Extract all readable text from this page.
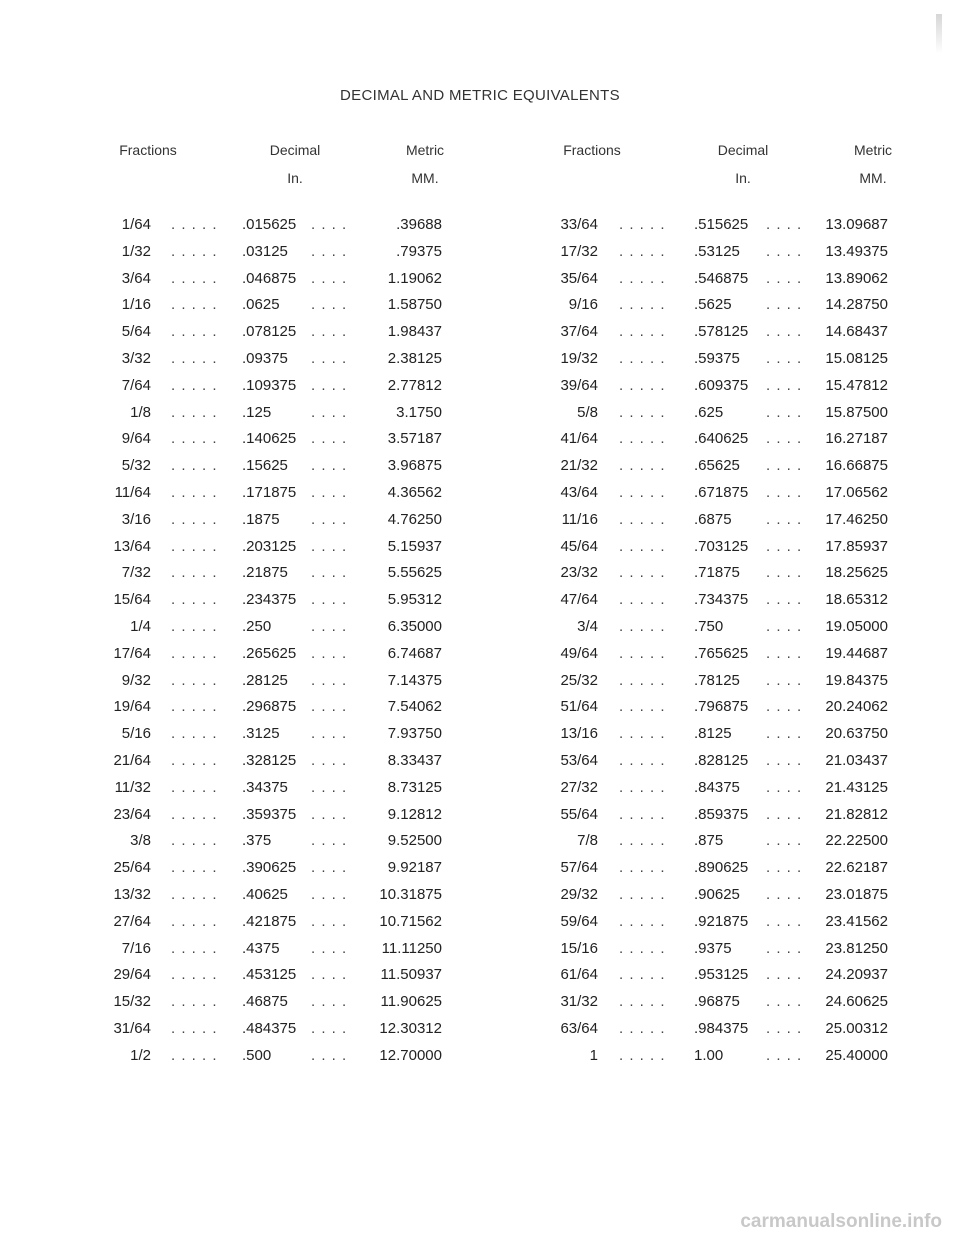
DECIMAL AND METRIC EQUIVALENTS
Fractions	Decimal
In.
Metric
MM.
Fractions	Decimal
In.
Metric
MM.
1/64 . . . . . .015625 . . . .	.39688
1/32 . . . . . .03125 . . . .	.79375
3/64 . . . . . .046875 . . . .	1.19062
1/16 . . . . . .0625 . . . .	1.58750
5/64 . . . . . .078125 . . . .	1.98437
3/32 . . . . . .09375 . . . .	2.38125
7/64 . . . . . .109375 . . . .	2.77812
1/8 . . . . . .125	. . . .	3.1750
9/64 . . . . . .140625 . . . .	3.57187
5/32 . . . . . .15625 . . . .	3.96875
11/64 . . . . . .171875 . . . .	4.36562
3/16 . . . . . .1875 . . . .	4.76250
13/64 . . . . . .203125 . . . .	5.15937
7/32 . . . . . .21875 . . . .	5.55625
15/64 . . . . . .234375 . . . .	5.95312
1/4 . . . . . .250	. . . .	6.35000
17/64 . . . . . .265625 . . . .	6.74687
9/32 . . . . . .28125 . . . .	7.14375
19/64 . . . . . .296875 . . . .	7.54062
5/16 . . . . . .3125 . . . .	7.93750
21/64 . . . . . .328125 . . . .	8.33437
11/32 . . . . . .34375 . . . .	8.73125
23/64 . . . . . .359375 . . . .	9.12812
3/8 . . . . . .375	. . . .	9.52500
25/64 . . . . . .390625 . . . .	9.92187
13/32 . . . . . .40625 . . . .	10.31875
27/64 . . . . . .421875 . . . .	10.71562
7/16 . . . . . .4375 . . . .	11.11250
29/64 . . . . . .453125 . . . .	11.50937
15/32 . . . . . .46875 . . . .	11.90625
31/64 . . . . . .484375 . . . .	12.30312
1/2 . . . . . .500	. . . .	12.70000
33/64 . . . . . .515625 . . . .	13.09687
17/32 . . . . . .53125 . . . .	13.49375
35/64 . . . . . .546875 . . . .	13.89062
9/16 . . . . . .5625 . . . .	14.28750
37/64 . . . . . .578125 . . . .	14.68437
19/32 . . . . . .59375 . . . .	15.08125
39/64 . . . . . .609375 . . . .	15.47812
5/8 . . . . . .625	. . . .	15.87500
41/64 . . . . . .640625 . . . .	16.27187
21/32 . . . . . .65625 . . . .	16.66875
43/64 . . . . . .671875 . . . .	17.06562
11/16 . . . . . .6875 . . . .	17.46250
45/64 . . . . . .703125 . . . .	17.85937
23/32 . . . . . .71875 . . . .	18.25625
47/64 . . . . . .734375 . . . .	18.65312
3/4 . . . . . .750	. . . .	19.05000
49/64 . . . . . .765625 . . . .	19.44687
25/32 . . . . . .78125 . . . .	19.84375
51/64 . . . . . .796875 . . . .	20.24062
13/16 . . . . . .8125 . . . .	20.63750
53/64 . . . . . .828125 . . . .	21.03437
27/32 . . . . . .84375 . . . .	21.43125
55/64 . . . . . .859375 . . . .	21.82812
7/8 . . . . . .875	. . . .	22.22500
57/64 . . . . . .890625 . . . .	22.62187
29/32 . . . . . .90625 . . . .	23.01875
59/64 . . . . . .921875 . . . .	23.41562
15/16 . . . . . .9375 . . . .	23.81250
61/64 . . . . . .953125 . . . .	24.20937
31/32 . . . . . .96875 . . . .	24.60625
63/64 . . . . . .984375 . . . .	25.00312
1 . . . . . 1.00	. . . .	25.40000
carmanualsonline.info
